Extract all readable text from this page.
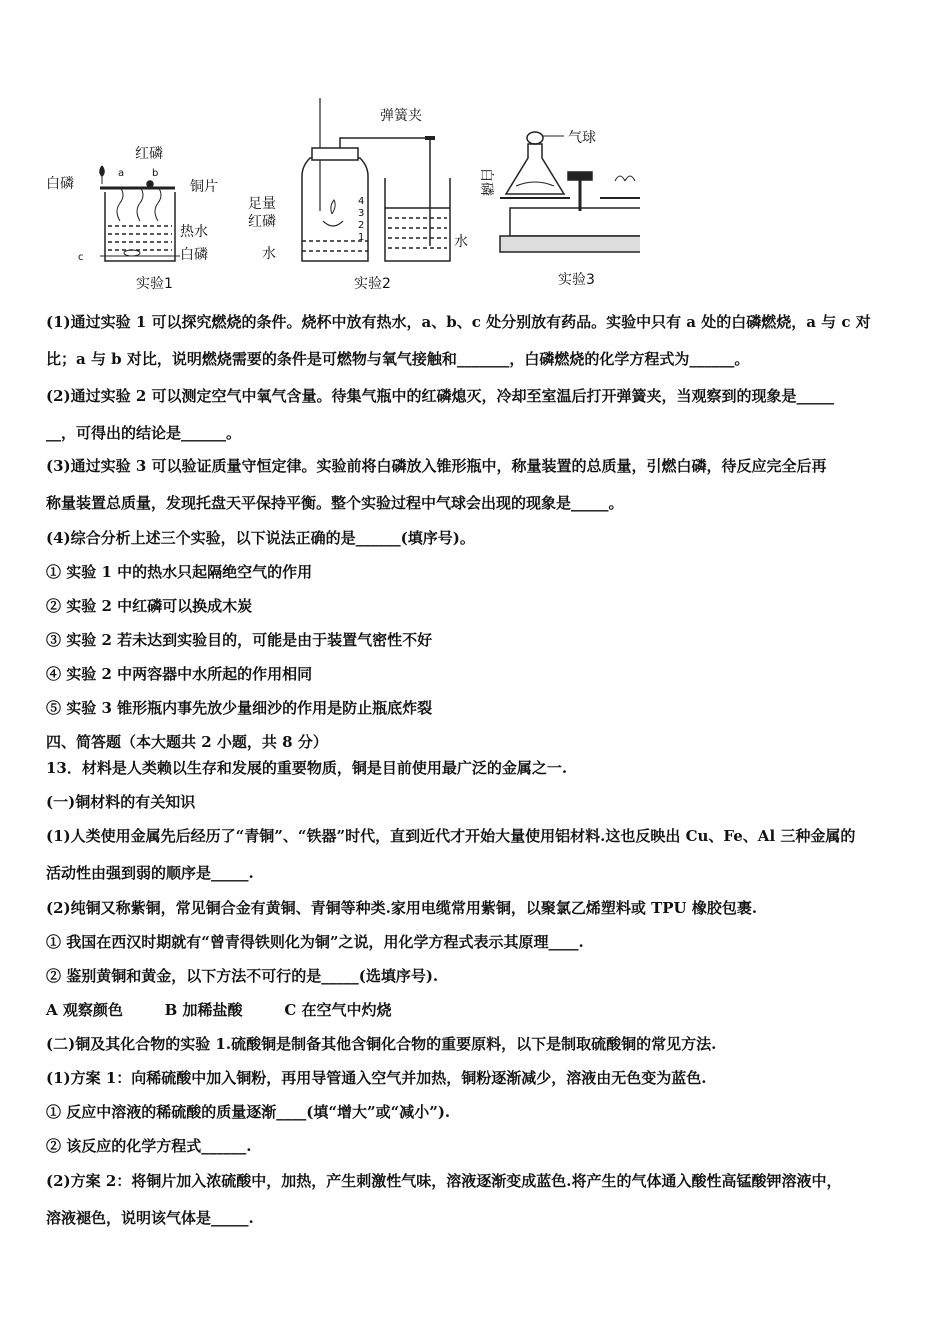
白磷
红磷
铜片
热水
白磷
a	b
c
实验1
弹簧夹
足量
红磷
水
水
4
3
2
1
实验2
气球
白磷
实验3
(1)通过实验 1 可以探究燃烧的条件。烧杯中放有热水，a、b、c 处分别放有药品。实验中只有 a 处的白磷燃烧，a 与 c 对
比；a 与 b 对比，说明燃烧需要的条件是可燃物与氧气接触和_______，白磷燃烧的化学方程式为______。
(2)通过实验 2 可以测定空气中氧气含量。待集气瓶中的红磷熄灭，冷却至室温后打开弹簧夹，当观察到的现象是_____
__，可得出的结论是______。
(3)通过实验 3 可以验证质量守恒定律。实验前将白磷放入锥形瓶中，称量装置的总质量，引燃白磷，待反应完全后再
称量装置总质量，发现托盘天平保持平衡。整个实验过程中气球会出现的现象是_____。
(4)综合分析上述三个实验，以下说法正确的是______(填序号)。
① 实验 1 中的热水只起隔绝空气的作用
② 实验 2 中红磷可以换成木炭
③ 实验 2 若未达到实验目的，可能是由于装置气密性不好
④ 实验 2 中两容器中水所起的作用相同
⑤ 实验 3 锥形瓶内事先放少量细沙的作用是防止瓶底炸裂
四、简答题（本大题共 2 小题，共 8 分）
13．材料是人类赖以生存和发展的重要物质，铜是目前使用最广泛的金属之一.
(一)铜材料的有关知识
(1)人类使用金属先后经历了“青铜”、“铁器”时代，直到近代才开始大量使用铝材料.这也反映出 Cu、Fe、Al 三种金属的
活动性由强到弱的顺序是_____.
(2)纯铜又称紫铜，常见铜合金有黄铜、青铜等种类.家用电缆常用紫铜，以聚氯乙烯塑料或 TPU 橡胶包裹.
① 我国在西汉时期就有“曾青得铁则化为铜”之说，用化学方程式表示其原理____.
② 鉴别黄铜和黄金，以下方法不可行的是_____(选填序号).
A 观察颜色        B 加稀盐酸        C 在空气中灼烧
(二)铜及其化合物的实验 1.硫酸铜是制备其他含铜化合物的重要原料，以下是制取硫酸铜的常见方法.
(1)方案 1：向稀硫酸中加入铜粉，再用导管通入空气并加热，铜粉逐渐减少，溶液由无色变为蓝色.
① 反应中溶液的稀硫酸的质量逐渐____(填“增大”或“减小”).
② 该反应的化学方程式______.
(2)方案 2：将铜片加入浓硫酸中，加热，产生刺激性气味，溶液逐渐变成蓝色.将产生的气体通入酸性高锰酸钾溶液中，
溶液褪色，说明该气体是_____.
